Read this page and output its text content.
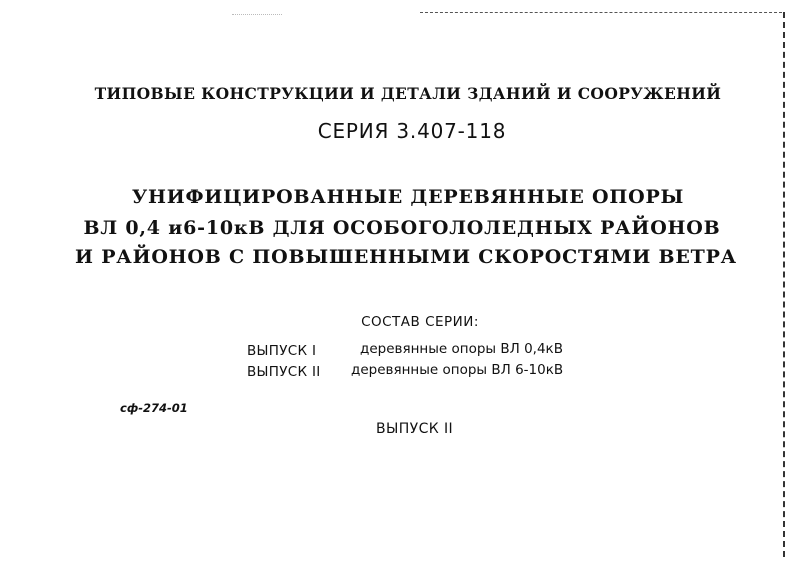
ТИПОВЫЕ КОНСТРУКЦИИ И ДЕТАЛИ ЗДАНИЙ И СООРУЖЕНИЙ

СЕРИЯ 3.407-118

УНИФИЦИРОВАННЫЕ ДЕРЕВЯННЫЕ ОПОРЫ

ВЛ 0,4 и6-10кВ ДЛЯ ОСОБОГОЛОЛЕДНЫХ РАЙОНОВ

И РАЙОНОВ С ПОВЫШЕННЫМИ СКОРОСТЯМИ ВЕТРА

СОСТАВ СЕРИИ:

ВЫПУСК I	деревянные опоры ВЛ 0,4кВ

ВЫПУСК II деревянные опоры ВЛ 6-10кВ

сф-274-01

ВЫПУСК II
